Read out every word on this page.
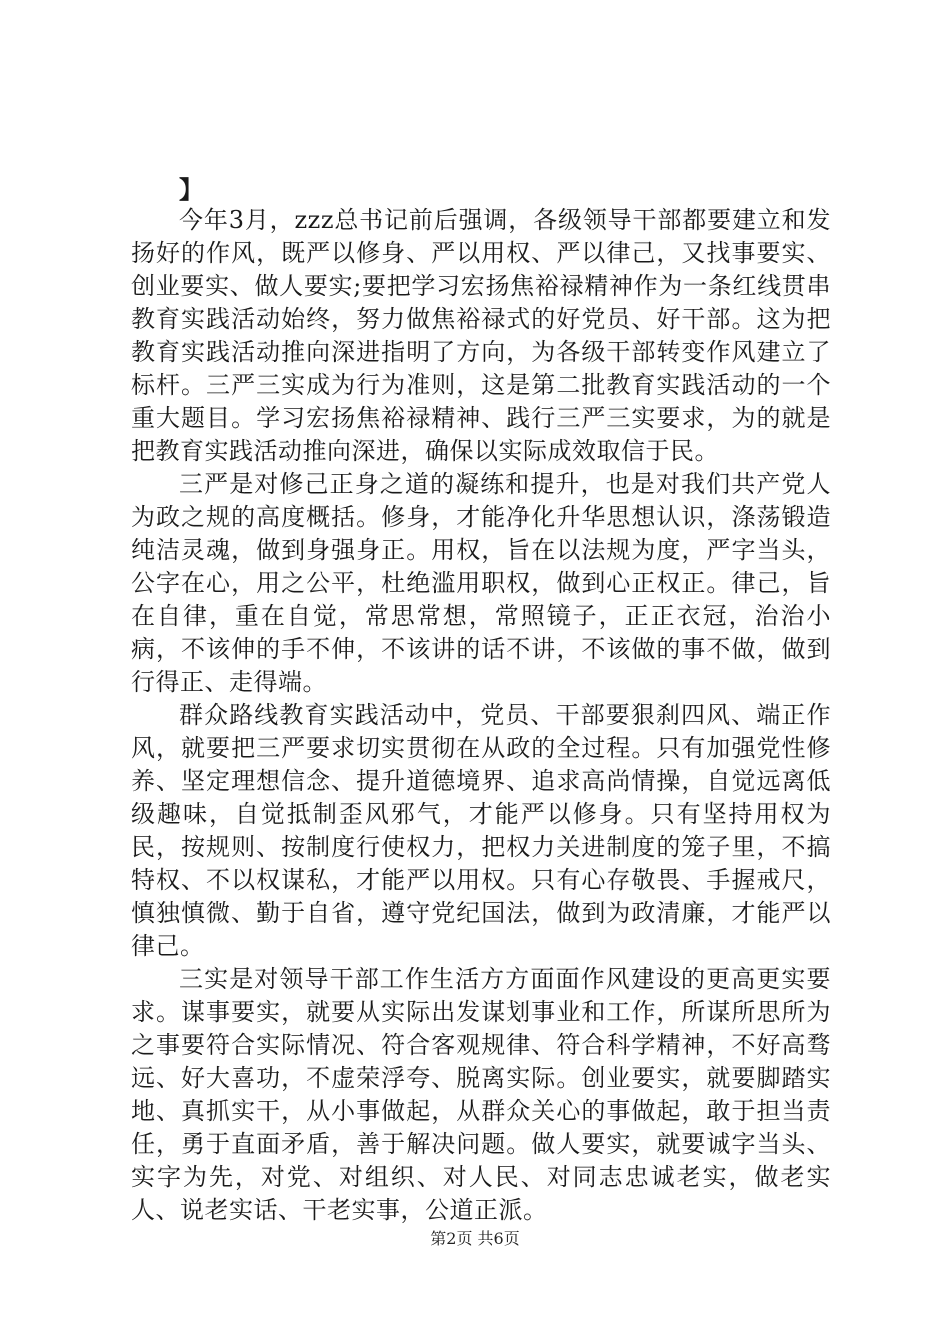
】

今年3月，zzz总书记前后强调，各级领导干部都要建立和发扬好的作风，既严以修身、严以用权、严以律己，又找事要实、创业要实、做人要实;要把学习宏扬焦裕禄精神作为一条红线贯串教育实践活动始终，努力做焦裕禄式的好党员、好干部。这为把教育实践活动推向深进指明了方向，为各级干部转变作风建立了标杆。三严三实成为行为准则，这是第二批教育实践活动的一个重大题目。学习宏扬焦裕禄精神、践行三严三实要求，为的就是把教育实践活动推向深进，确保以实际成效取信于民。

三严是对修己正身之道的凝练和提升，也是对我们共产党人为政之规的高度概括。修身，才能净化升华思想认识，涤荡锻造纯洁灵魂，做到身强身正。用权，旨在以法规为度，严字当头，公字在心，用之公平，杜绝滥用职权，做到心正权正。律己，旨在自律，重在自觉，常思常想，常照镜子，正正衣冠，治治小病，不该伸的手不伸，不该讲的话不讲，不该做的事不做，做到行得正、走得端。

群众路线教育实践活动中，党员、干部要狠刹四风、端正作风，就要把三严要求切实贯彻在从政的全过程。只有加强党性修养、坚定理想信念、提升道德境界、追求高尚情操，自觉远离低级趣味，自觉抵制歪风邪气，才能严以修身。只有坚持用权为民，按规则、按制度行使权力，把权力关进制度的笼子里，不搞特权、不以权谋私，才能严以用权。只有心存敬畏、手握戒尺，慎独慎微、勤于自省，遵守党纪国法，做到为政清廉，才能严以律己。

三实是对领导干部工作生活方方面面作风建设的更高更实要求。谋事要实，就要从实际出发谋划事业和工作，所谋所思所为之事要符合实际情况、符合客观规律、符合科学精神，不好高骛远、好大喜功，不虚荣浮夸、脱离实际。创业要实，就要脚踏实地、真抓实干，从小事做起，从群众关心的事做起，敢于担当责任，勇于直面矛盾，善于解决问题。做人要实，就要诚字当头、实字为先，对党、对组织、对人民、对同志忠诚老实，做老实人、说老实话、干老实事，公道正派。

第2页 共6页
